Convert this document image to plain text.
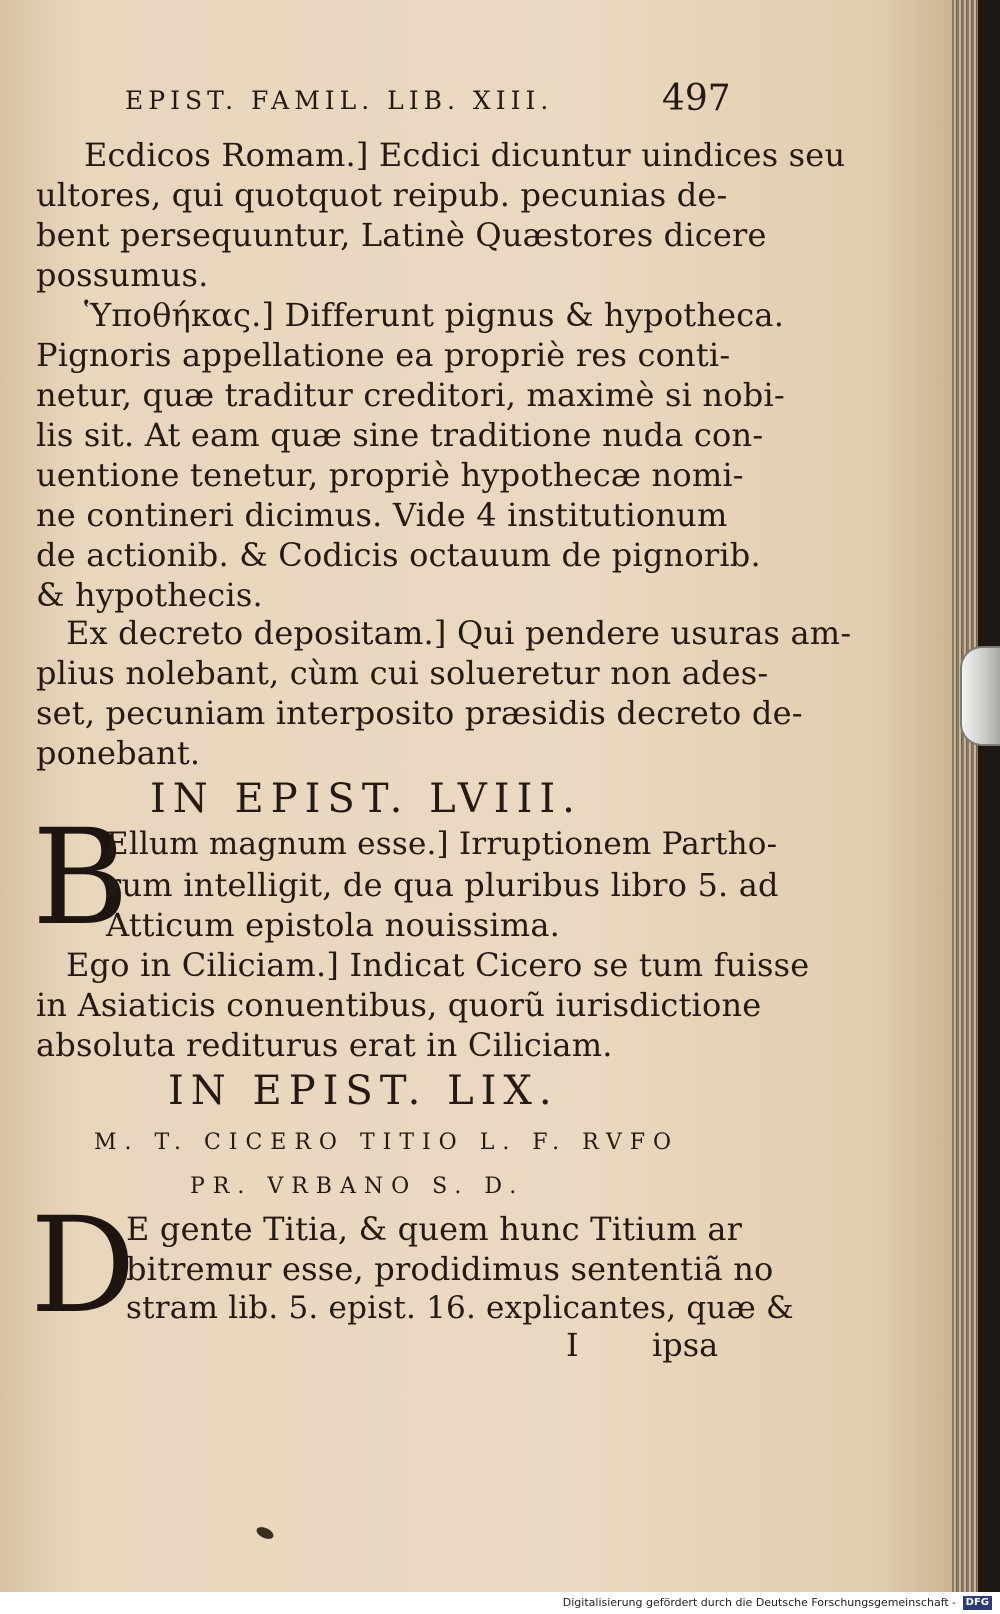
EPIST. FAMIL. LIB. XIII.	497
Ecdicos Romam.] Ecdici dicuntur uindices seu
ultores, qui quotquot reipub. pecunias de-
bent persequuntur, Latinè Quæstores dicere
possumus.
Ὑποθήκας.] Differunt pignus & hypotheca.
Pignoris appellatione ea propriè res conti-
netur, quæ traditur creditori, maximè si nobi-
lis sit. At eam quæ sine traditione nuda con-
uentione tenetur, propriè hypothecæ nomi-
ne contineri dicimus. Vide 4 institutionum
de actionib. & Codicis octauum de pignorib.
& hypothecis.
Ex decreto depositam.] Qui pendere usuras am-
plius nolebant, cùm cui solueretur non ades-
set, pecuniam interposito præsidis decreto de-
ponebant.
IN EPIST. LVIII.
B
Ellum magnum esse.] Irruptionem Partho-
rum intelligit, de qua pluribus libro 5. ad
Atticum epistola nouissima.
Ego in Ciliciam.] Indicat Cicero se tum fuisse
in Asiaticis conuentibus, quorũ iurisdictione
absoluta rediturus erat in Ciliciam.
IN EPIST. LIX.
M. T. CICERO TITIO L. F. RVFO
PR. VRBANO S. D.
D
E gente Titia, & quem hunc Titium ar
bitremur esse, prodidimus sententiã no
stram lib. 5. epist. 16. explicantes, quæ &
I ipsa
Digitalisierung gefördert durch die Deutsche Forschungsgemeinschaft - DFG
